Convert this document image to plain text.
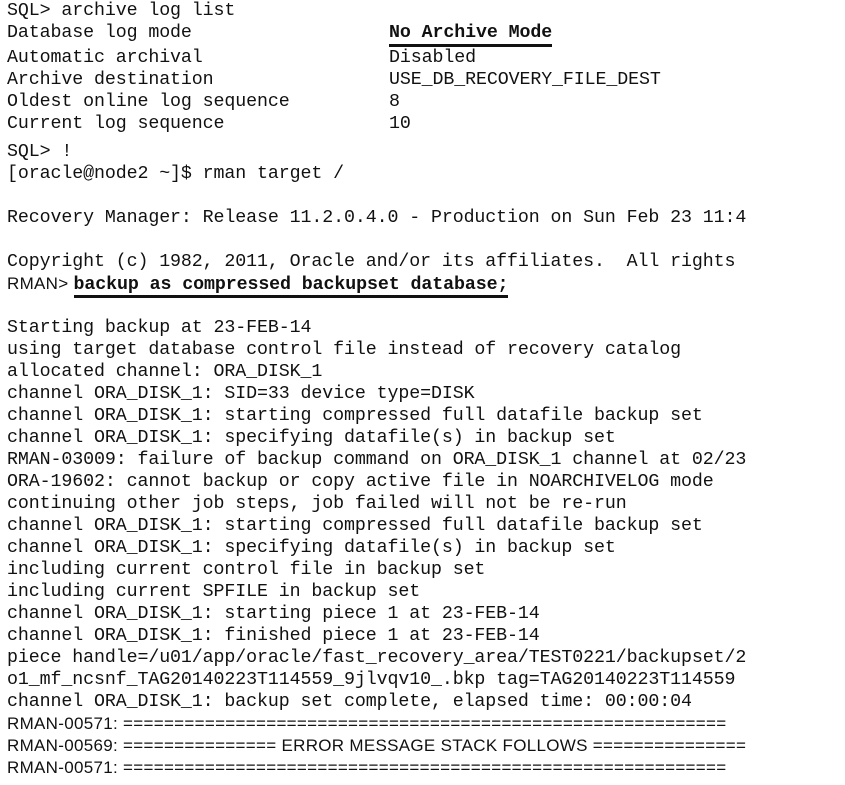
SQL> archive log list
Database log mode	No Archive Mode
Automatic archival	Disabled
Archive destination	USE_DB_RECOVERY_FILE_DEST
Oldest online log sequence	8
Current log sequence	10
SQL> !
[oracle@node2 ~]$ rman target /
Recovery Manager: Release 11.2.0.4.0 - Production on Sun Feb 23 11:4
Copyright (c) 1982, 2011, Oracle and/or its affiliates.  All rights
RMAN> backup as compressed backupset database;
Starting backup at 23-FEB-14
using target database control file instead of recovery catalog
allocated channel: ORA_DISK_1
channel ORA_DISK_1: SID=33 device type=DISK
channel ORA_DISK_1: starting compressed full datafile backup set
channel ORA_DISK_1: specifying datafile(s) in backup set
RMAN-03009: failure of backup command on ORA_DISK_1 channel at 02/23
ORA-19602: cannot backup or copy active file in NOARCHIVELOG mode
continuing other job steps, job failed will not be re-run
channel ORA_DISK_1: starting compressed full datafile backup set
channel ORA_DISK_1: specifying datafile(s) in backup set
including current control file in backup set
including current SPFILE in backup set
channel ORA_DISK_1: starting piece 1 at 23-FEB-14
channel ORA_DISK_1: finished piece 1 at 23-FEB-14
piece handle=/u01/app/oracle/fast_recovery_area/TEST0221/backupset/2
o1_mf_ncsnf_TAG20140223T114559_9jlvqv10_.bkp tag=TAG20140223T114559
channel ORA_DISK_1: backup set complete, elapsed time: 00:00:04
RMAN-00571: ===========================================================
RMAN-00569: =============== ERROR MESSAGE STACK FOLLOWS ===============
RMAN-00571: ===========================================================
